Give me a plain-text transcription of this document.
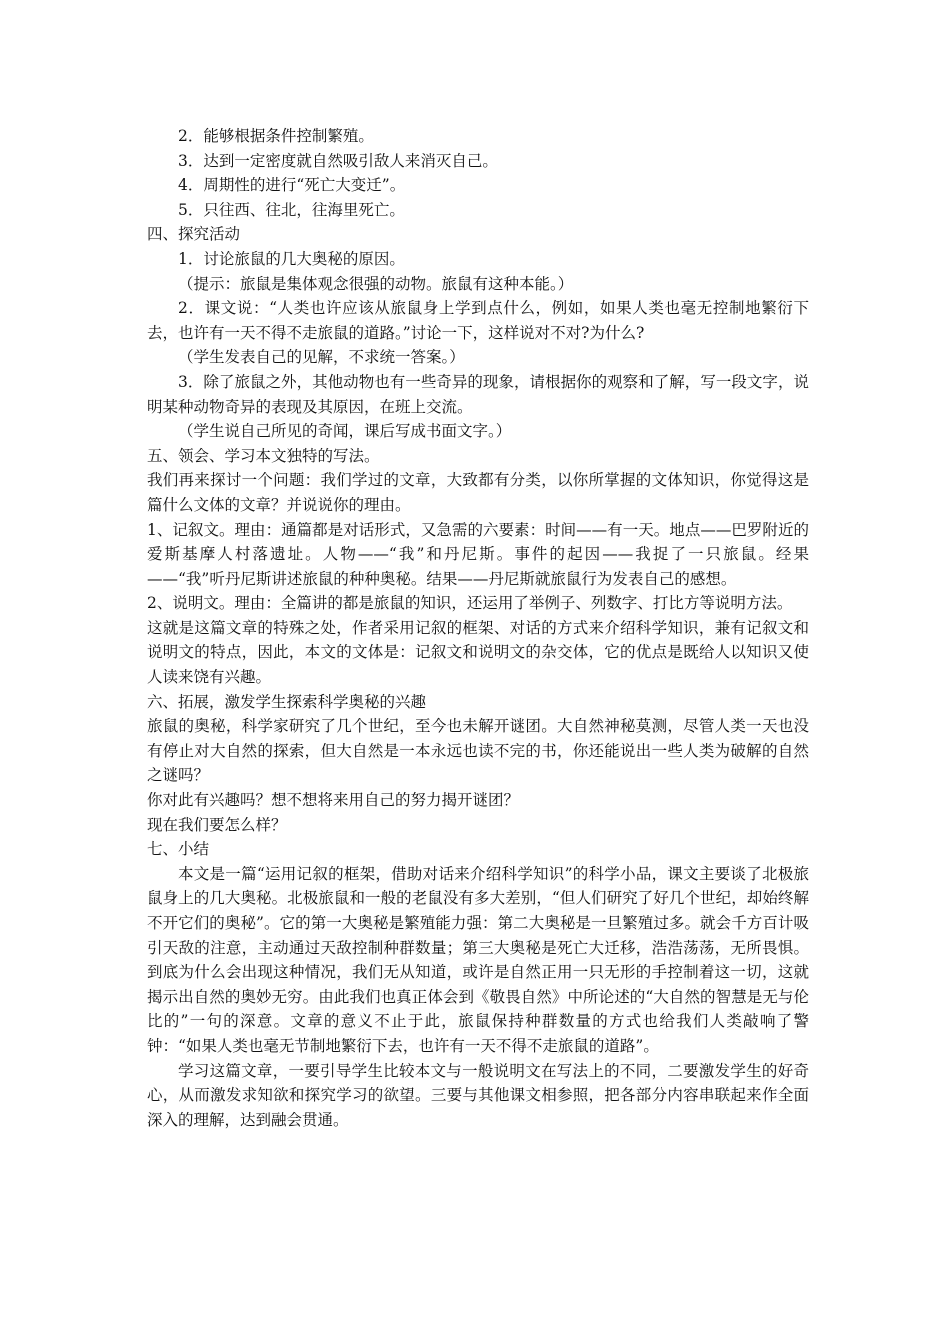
2．能够根据条件控制繁殖。

3．达到一定密度就自然吸引敌人来消灭自己。

4．周期性的进行“死亡大变迁”。

5．只往西、往北，往海里死亡。

四、探究活动

1．讨论旅鼠的几大奥秘的原因。

（提示：旅鼠是集体观念很强的动物。旅鼠有这种本能。）

2．课文说：“人类也许应该从旅鼠身上学到点什么，例如，如果人类也毫无控制地繁衍下去，也许有一天不得不走旅鼠的道路。”讨论一下，这样说对不对?为什么?

（学生发表自己的见解，不求统一答案。）

3．除了旅鼠之外，其他动物也有一些奇异的现象，请根据你的观察和了解，写一段文字，说明某种动物奇异的表现及其原因，在班上交流。

（学生说自己所见的奇闻，课后写成书面文字。）

五、领会、学习本文独特的写法。

我们再来探讨一个问题：我们学过的文章，大致都有分类，以你所掌握的文体知识，你觉得这是篇什么文体的文章？并说说你的理由。

1、记叙文。理由：通篇都是对话形式，又急需的六要素：时间——有一天。地点——巴罗附近的爱斯基摩人村落遗址。人物——“我”和丹尼斯。事件的起因——我捉了一只旅鼠。经果——“我”听丹尼斯讲述旅鼠的种种奥秘。结果——丹尼斯就旅鼠行为发表自己的感想。

2、说明文。理由：全篇讲的都是旅鼠的知识，还运用了举例子、列数字、打比方等说明方法。

这就是这篇文章的特殊之处，作者采用记叙的框架、对话的方式来介绍科学知识，兼有记叙文和说明文的特点，因此，本文的文体是：记叙文和说明文的杂交体，它的优点是既给人以知识又使人读来饶有兴趣。

六、拓展，激发学生探索科学奥秘的兴趣

旅鼠的奥秘，科学家研究了几个世纪，至今也未解开谜团。大自然神秘莫测，尽管人类一天也没有停止对大自然的探索，但大自然是一本永远也读不完的书，你还能说出一些人类为破解的自然之谜吗？

你对此有兴趣吗？想不想将来用自己的努力揭开谜团？

现在我们要怎么样？

七、小结

本文是一篇“运用记叙的框架，借助对话来介绍科学知识”的科学小品，课文主要谈了北极旅鼠身上的几大奥秘。北极旅鼠和一般的老鼠没有多大差别，“但人们研究了好几个世纪，却始终解不开它们的奥秘”。它的第一大奥秘是繁殖能力强：第二大奥秘是一旦繁殖过多。就会千方百计吸引天敌的注意，主动通过天敌控制种群数量；第三大奥秘是死亡大迁移，浩浩荡荡，无所畏惧。到底为什么会出现这种情况，我们无从知道，或许是自然正用一只无形的手控制着这一切，这就揭示出自然的奥妙无穷。由此我们也真正体会到《敬畏自然》中所论述的“大自然的智慧是无与伦比的”一句的深意。文章的意义不止于此，旅鼠保持种群数量的方式也给我们人类敲响了警钟：“如果人类也毫无节制地繁衍下去，也许有一天不得不走旅鼠的道路”。

学习这篇文章，一要引导学生比较本文与一般说明文在写法上的不同，二要激发学生的好奇心，从而激发求知欲和探究学习的欲望。三要与其他课文相参照，把各部分内容串联起来作全面深入的理解，达到融会贯通。
